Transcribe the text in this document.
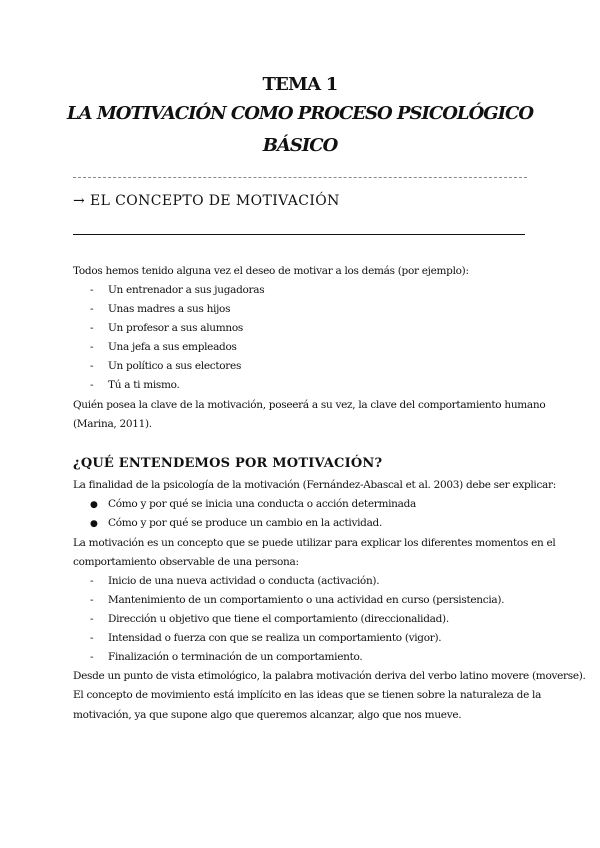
TEMA 1
LA MOTIVACIÓN COMO PROCESO PSICOLÓGICO
BÁSICO
→ EL CONCEPTO DE MOTIVACIÓN
Todos hemos tenido alguna vez el deseo de motivar a los demás (por ejemplo):
- Un entrenador a sus jugadoras
- Unas madres a sus hijos
- Un profesor a sus alumnos
- Una jefa a sus empleados
- Un político a sus electores
- Tú a ti mismo.
Quién posea la clave de la motivación, poseerá a su vez, la clave del comportamiento humano
(Marina, 2011).
¿QUÉ ENTENDEMOS POR MOTIVACIÓN?
La finalidad de la psicología de la motivación (Fernández-Abascal et al. 2003) debe ser explicar:
● Cómo y por qué se inicia una conducta o acción determinada
● Cómo y por qué se produce un cambio en la actividad.
La motivación es un concepto que se puede utilizar para explicar los diferentes momentos en el
comportamiento observable de una persona:
- Inicio de una nueva actividad o conducta (activación).
- Mantenimiento de un comportamiento o una actividad en curso (persistencia).
- Dirección u objetivo que tiene el comportamiento (direccionalidad).
- Intensidad o fuerza con que se realiza un comportamiento (vigor).
- Finalización o terminación de un comportamiento.
Desde un punto de vista etimológico, la palabra motivación deriva del verbo latino movere (moverse).
El concepto de movimiento está implícito en las ideas que se tienen sobre la naturaleza de la
motivación, ya que supone algo que queremos alcanzar, algo que nos mueve.
